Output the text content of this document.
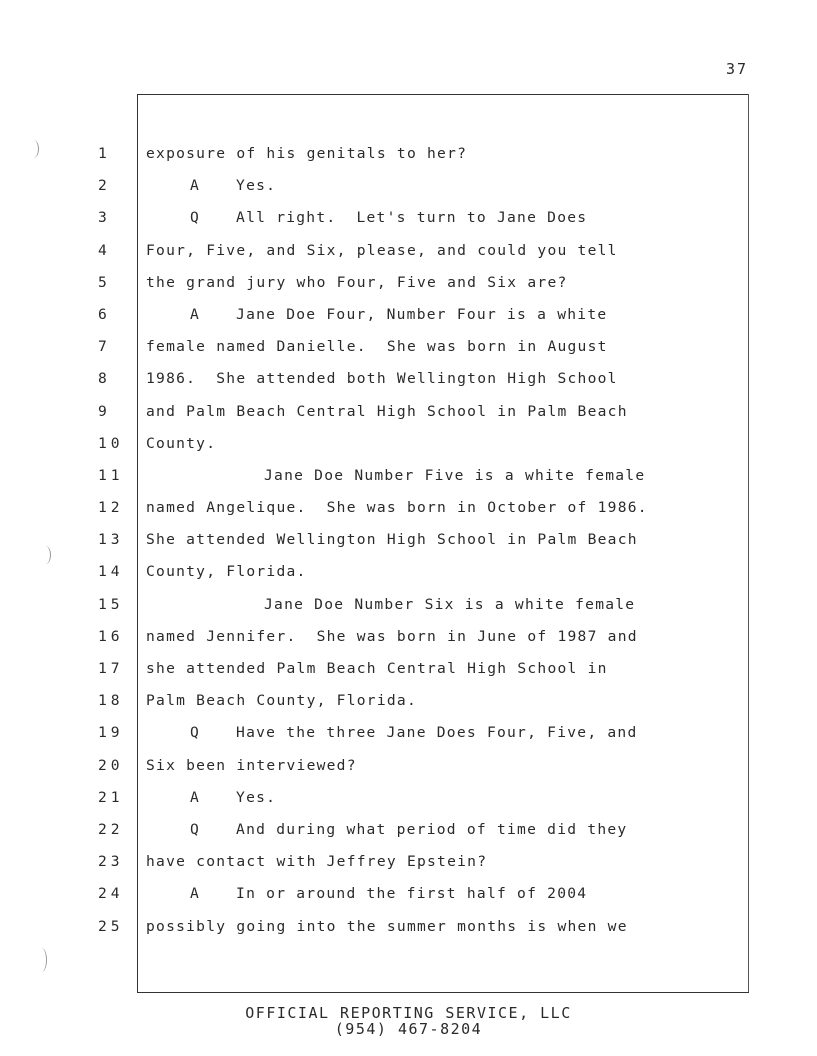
37
1
2
3
4
5
6
7
8
9
10
11
12
13
14
15
16
17
18
19
20
21
22
23
24
25
exposure of his genitals to her?
A Yes.
Q All right.  Let's turn to Jane Does
Four, Five, and Six, please, and could you tell
the grand jury who Four, Five and Six are?
A Jane Doe Four, Number Four is a white
female named Danielle.  She was born in August
1986.  She attended both Wellington High School
and Palm Beach Central High School in Palm Beach
County.
Jane Doe Number Five is a white female
named Angelique.  She was born in October of 1986.
She attended Wellington High School in Palm Beach
County, Florida.
Jane Doe Number Six is a white female
named Jennifer.  She was born in June of 1987 and
she attended Palm Beach Central High School in
Palm Beach County, Florida.
Q Have the three Jane Does Four, Five, and
Six been interviewed?
A Yes.
Q And during what period of time did they
have contact with Jeffrey Epstein?
A In or around the first half of 2004
possibly going into the summer months is when we
OFFICIAL REPORTING SERVICE, LLC
(954) 467-8204
